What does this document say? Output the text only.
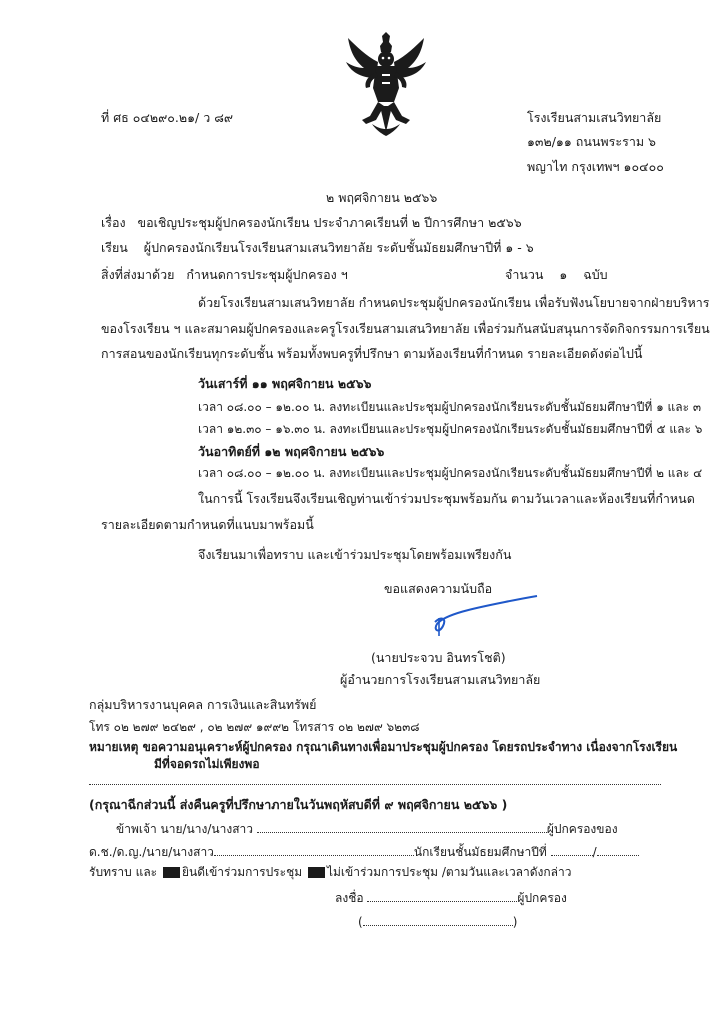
ที่ ศธ ๐๔๒๙๐.๒๑/ ว ๘๙	โรงเรียนสามเสนวิทยาลัย
๑๓๒/๑๑ ถนนพระราม ๖
พญาไท กรุงเทพฯ ๑๐๔๐๐
๒ พฤศจิกายน ๒๕๖๖
เรื่อง ขอเชิญประชุมผู้ปกครองนักเรียน ประจำภาคเรียนที่ ๒ ปีการศึกษา ๒๕๖๖
เรียน ผู้ปกครองนักเรียนโรงเรียนสามเสนวิทยาลัย ระดับชั้นมัธยมศึกษาปีที่ ๑ - ๖
สิ่งที่ส่งมาด้วย กำหนดการประชุมผู้ปกครอง ฯ	จำนวน ๑ ฉบับ
ด้วยโรงเรียนสามเสนวิทยาลัย กำหนดประชุมผู้ปกครองนักเรียน เพื่อรับฟังนโยบายจากฝ่ายบริหาร
ของโรงเรียน ฯ และสมาคมผู้ปกครองและครูโรงเรียนสามเสนวิทยาลัย เพื่อร่วมกันสนับสนุนการจัดกิจกรรมการเรียน
การสอนของนักเรียนทุกระดับชั้น พร้อมทั้งพบครูที่ปรึกษา ตามห้องเรียนที่กำหนด รายละเอียดดังต่อไปนี้
วันเสาร์ที่ ๑๑ พฤศจิกายน ๒๕๖๖
เวลา ๐๘.๐๐ – ๑๒.๐๐ น. ลงทะเบียนและประชุมผู้ปกครองนักเรียนระดับชั้นมัธยมศึกษาปีที่ ๑ และ ๓
เวลา ๑๒.๓๐ – ๑๖.๓๐ น. ลงทะเบียนและประชุมผู้ปกครองนักเรียนระดับชั้นมัธยมศึกษาปีที่ ๕ และ ๖
วันอาทิตย์ที่ ๑๒ พฤศจิกายน ๒๕๖๖
เวลา ๐๘.๐๐ – ๑๒.๐๐ น. ลงทะเบียนและประชุมผู้ปกครองนักเรียนระดับชั้นมัธยมศึกษาปีที่ ๒ และ ๔
ในการนี้ โรงเรียนจึงเรียนเชิญท่านเข้าร่วมประชุมพร้อมกัน ตามวันเวลาและห้องเรียนที่กำหนด
รายละเอียดตามกำหนดที่แนบมาพร้อมนี้
จึงเรียนมาเพื่อทราบ และเข้าร่วมประชุมโดยพร้อมเพรียงกัน
ขอแสดงความนับถือ
(นายประจวบ อินทรโชติ)
ผู้อำนวยการโรงเรียนสามเสนวิทยาลัย
กลุ่มบริหารงานบุคคล การเงินและสินทรัพย์
โทร ๐๒ ๒๗๙ ๒๔๒๙ , ๐๒ ๒๗๙ ๑๙๙๒ โทรสาร ๐๒ ๒๗๙ ๖๒๓๘
หมายเหตุ ขอความอนุเคราะห์ผู้ปกครอง กรุณาเดินทางเพื่อมาประชุมผู้ปกครอง โดยรถประจำทาง เนื่องจากโรงเรียน
มีที่จอดรถไม่เพียงพอ
(กรุณาฉีกส่วนนี้ ส่งคืนครูที่ปรึกษาภายในวันพฤหัสบดีที่ ๙ พฤศจิกายน ๒๕๖๖ )
ข้าพเจ้า นาย/นาง/นางสาว	ผู้ปกครองของ
ด.ช./ด.ญ./นาย/นางสาว	นักเรียนชั้นมัธยมศึกษาปีที่	/
รับทราบ และ ยินดีเข้าร่วมการประชุม ไม่เข้าร่วมการประชุม /ตามวันและเวลาดังกล่าว
ลงชื่อ	ผู้ปกครอง
(	)
